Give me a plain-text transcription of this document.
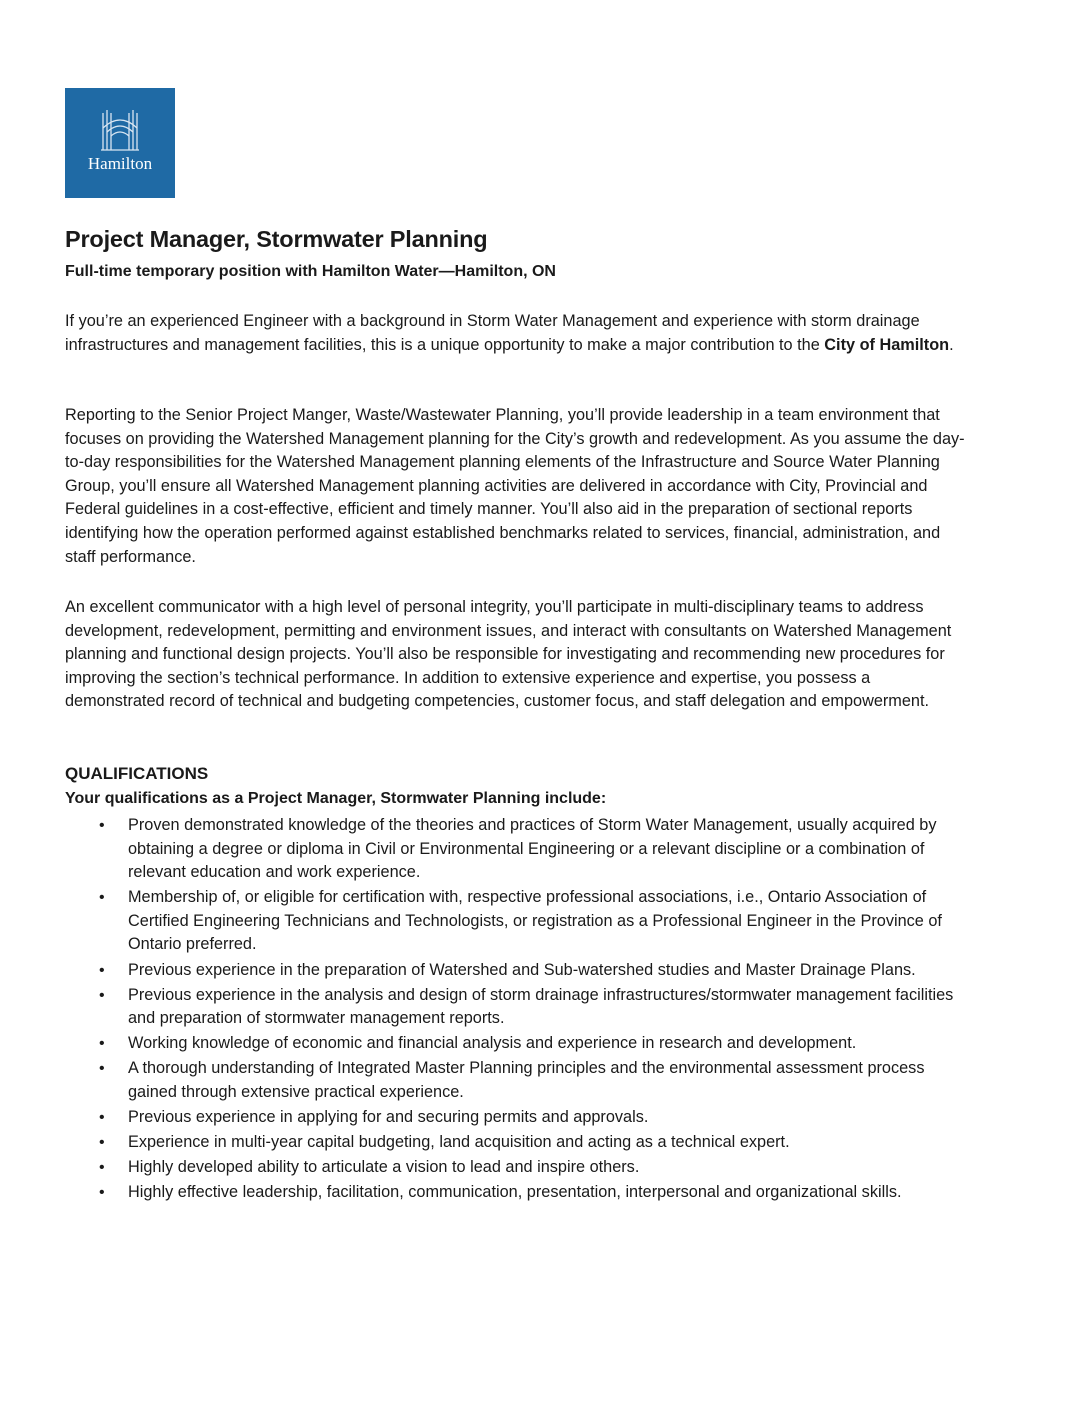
Hamilton
Project Manager, Stormwater Planning

Full-time temporary position with Hamilton Water—Hamilton, ON

If you’re an experienced Engineer with a background in Storm Water Management and experience with storm drainage infrastructures and management facilities, this is a unique opportunity to make a major contribution to the City of Hamilton.

Reporting to the Senior Project Manger, Waste/Wastewater Planning, you’ll provide leadership in a team environment that focuses on providing the Watershed Management planning for the City’s growth and redevelopment. As you assume the day-to-day responsibilities for the Watershed Management planning elements of the Infrastructure and Source Water Planning Group, you’ll ensure all Watershed Management planning activities are delivered in accordance with City, Provincial and Federal guidelines in a cost-effective, efficient and timely manner. You’ll also aid in the preparation of sectional reports identifying how the operation performed against established benchmarks related to services, financial, administration, and staff performance.

An excellent communicator with a high level of personal integrity, you’ll participate in multi-disciplinary teams to address development, redevelopment, permitting and environment issues, and interact with consultants on Watershed Management planning and functional design projects. You’ll also be responsible for investigating and recommending new procedures for improving the section’s technical performance. In addition to extensive experience and expertise, you possess a demonstrated record of technical and budgeting competencies, customer focus, and staff delegation and empowerment.

QUALIFICATIONS

Your qualifications as a Project Manager, Stormwater Planning include:

• Proven demonstrated knowledge of the theories and practices of Storm Water Management, usually acquired by obtaining a degree or diploma in Civil or Environmental Engineering or a relevant discipline or a combination of relevant education and work experience.
• Membership of, or eligible for certification with, respective professional associations, i.e., Ontario Association of Certified Engineering Technicians and Technologists, or registration as a Professional Engineer in the Province of Ontario preferred.
• Previous experience in the preparation of Watershed and Sub-watershed studies and Master Drainage Plans.
• Previous experience in the analysis and design of storm drainage infrastructures/stormwater management facilities and preparation of stormwater management reports.
• Working knowledge of economic and financial analysis and experience in research and development.
• A thorough understanding of Integrated Master Planning principles and the environmental assessment process gained through extensive practical experience.
• Previous experience in applying for and securing permits and approvals.
• Experience in multi-year capital budgeting, land acquisition and acting as a technical expert.
• Highly developed ability to articulate a vision to lead and inspire others.
• Highly effective leadership, facilitation, communication, presentation, interpersonal and organizational skills.
